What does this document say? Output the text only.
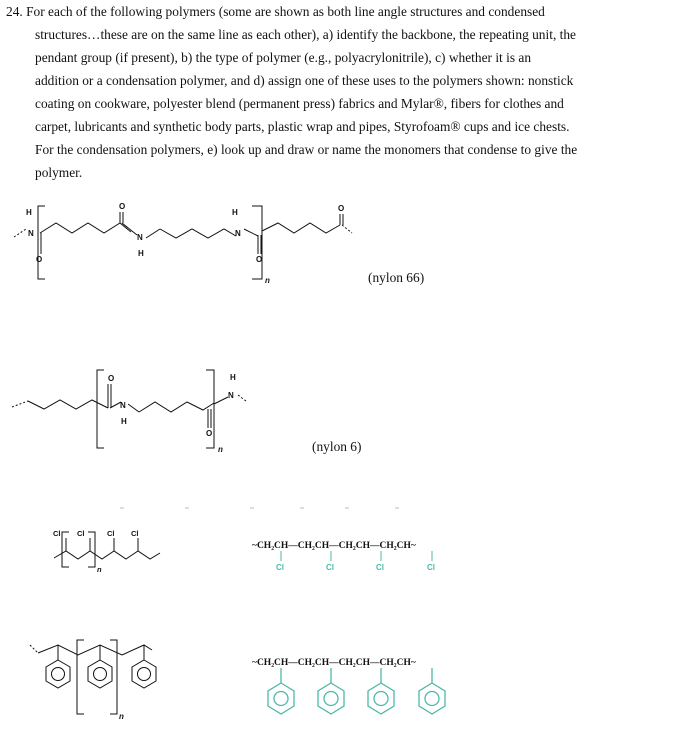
24. For each of the following polymers (some are shown as both line angle structures and condensed
structures…these are on the same line as each other), a) identify the backbone, the repeating unit, the
pendant group (if present), b) the type of polymer (e.g., polyacrylonitrile), c) whether it is an
addition or a condensation polymer, and d) assign one of these uses to the polymers shown: nonstick
coating on cookware, polyester blend (permanent press) fabrics and Mylar®, fibers for clothes and
carpet, lubricants and synthetic body parts, plastic wrap and pipes, Styrofoam® cups and ice chests.
For the condensation polymers, e) look up and draw or name the monomers that condense to give the
polymer.
H
N
O
O
N
H
H
N
O
O
n	(nylon 66)
O
N
H
O
H
N
n	(nylon 6)
Cl Cl	Cl Cl
n
~CH₂CH—CH₂CH—CH₂CH—CH₂CH~
Cl	Cl	Cl	Cl
n
~CH₂CH—CH₂CH—CH₂CH—CH₂CH~
